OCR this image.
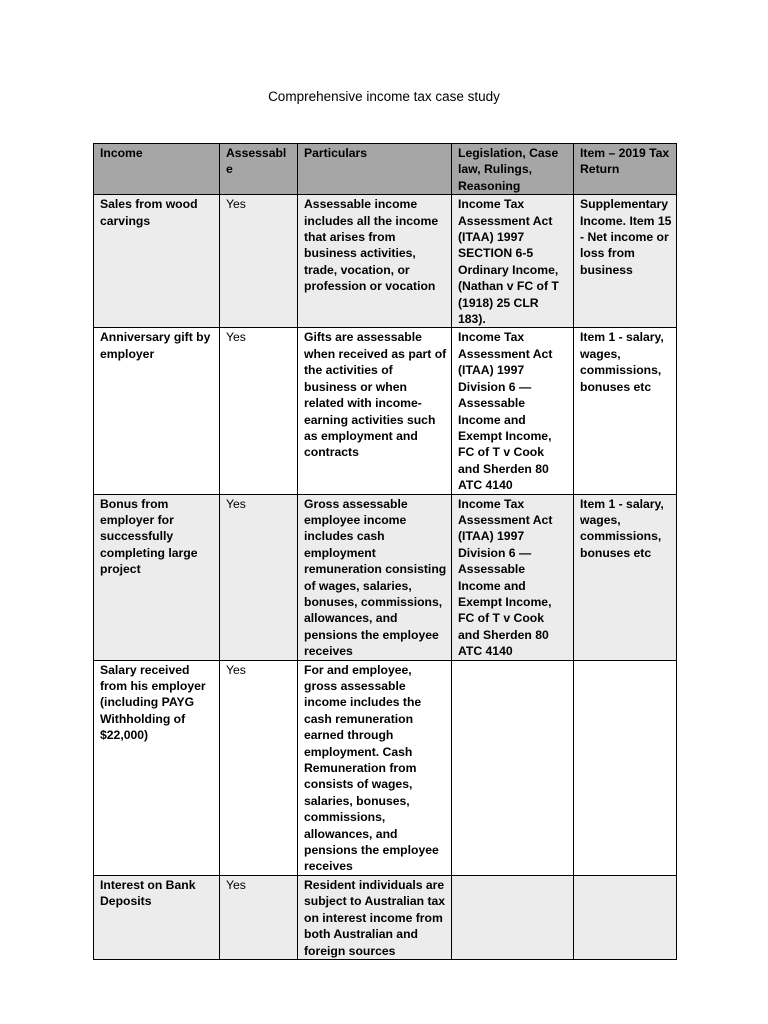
Comprehensive income tax case study
Income	Assessable	Particulars	Legislation, Case law, Rulings, Reasoning	Item – 2019 Tax Return
Sales from wood carvings	Yes	Assessable income includes all the income that arises from business activities, trade, vocation, or profession or vocation	Income Tax Assessment Act (ITAA) 1997 SECTION 6-5 Ordinary Income, (Nathan v FC of T (1918) 25 CLR 183).	Supplementary Income. Item 15 - Net income or loss from business
Anniversary gift by employer	Yes	Gifts are assessable when received as part of the activities of business or when related with income-earning activities such as employment and contracts	Income Tax Assessment Act (ITAA) 1997 Division 6 — Assessable Income and Exempt Income, FC of T v Cook and Sherden 80 ATC 4140	Item 1 - salary, wages, commissions, bonuses etc
Bonus from employer for successfully completing large project	Yes	Gross assessable employee income includes cash employment remuneration consisting of wages, salaries, bonuses, commissions, allowances, and pensions the employee receives	Income Tax Assessment Act (ITAA) 1997 Division 6 — Assessable Income and Exempt Income, FC of T v Cook and Sherden 80 ATC 4140	Item 1 - salary, wages, commissions, bonuses etc
Salary received from his employer (including PAYG Withholding of $22,000)	Yes	For and employee, gross assessable income includes the cash remuneration earned through employment. Cash Remuneration from consists of wages, salaries, bonuses, commissions, allowances, and pensions the employee receives		
Interest on Bank Deposits	Yes	Resident individuals are subject to Australian tax on interest income from both Australian and foreign sources		
